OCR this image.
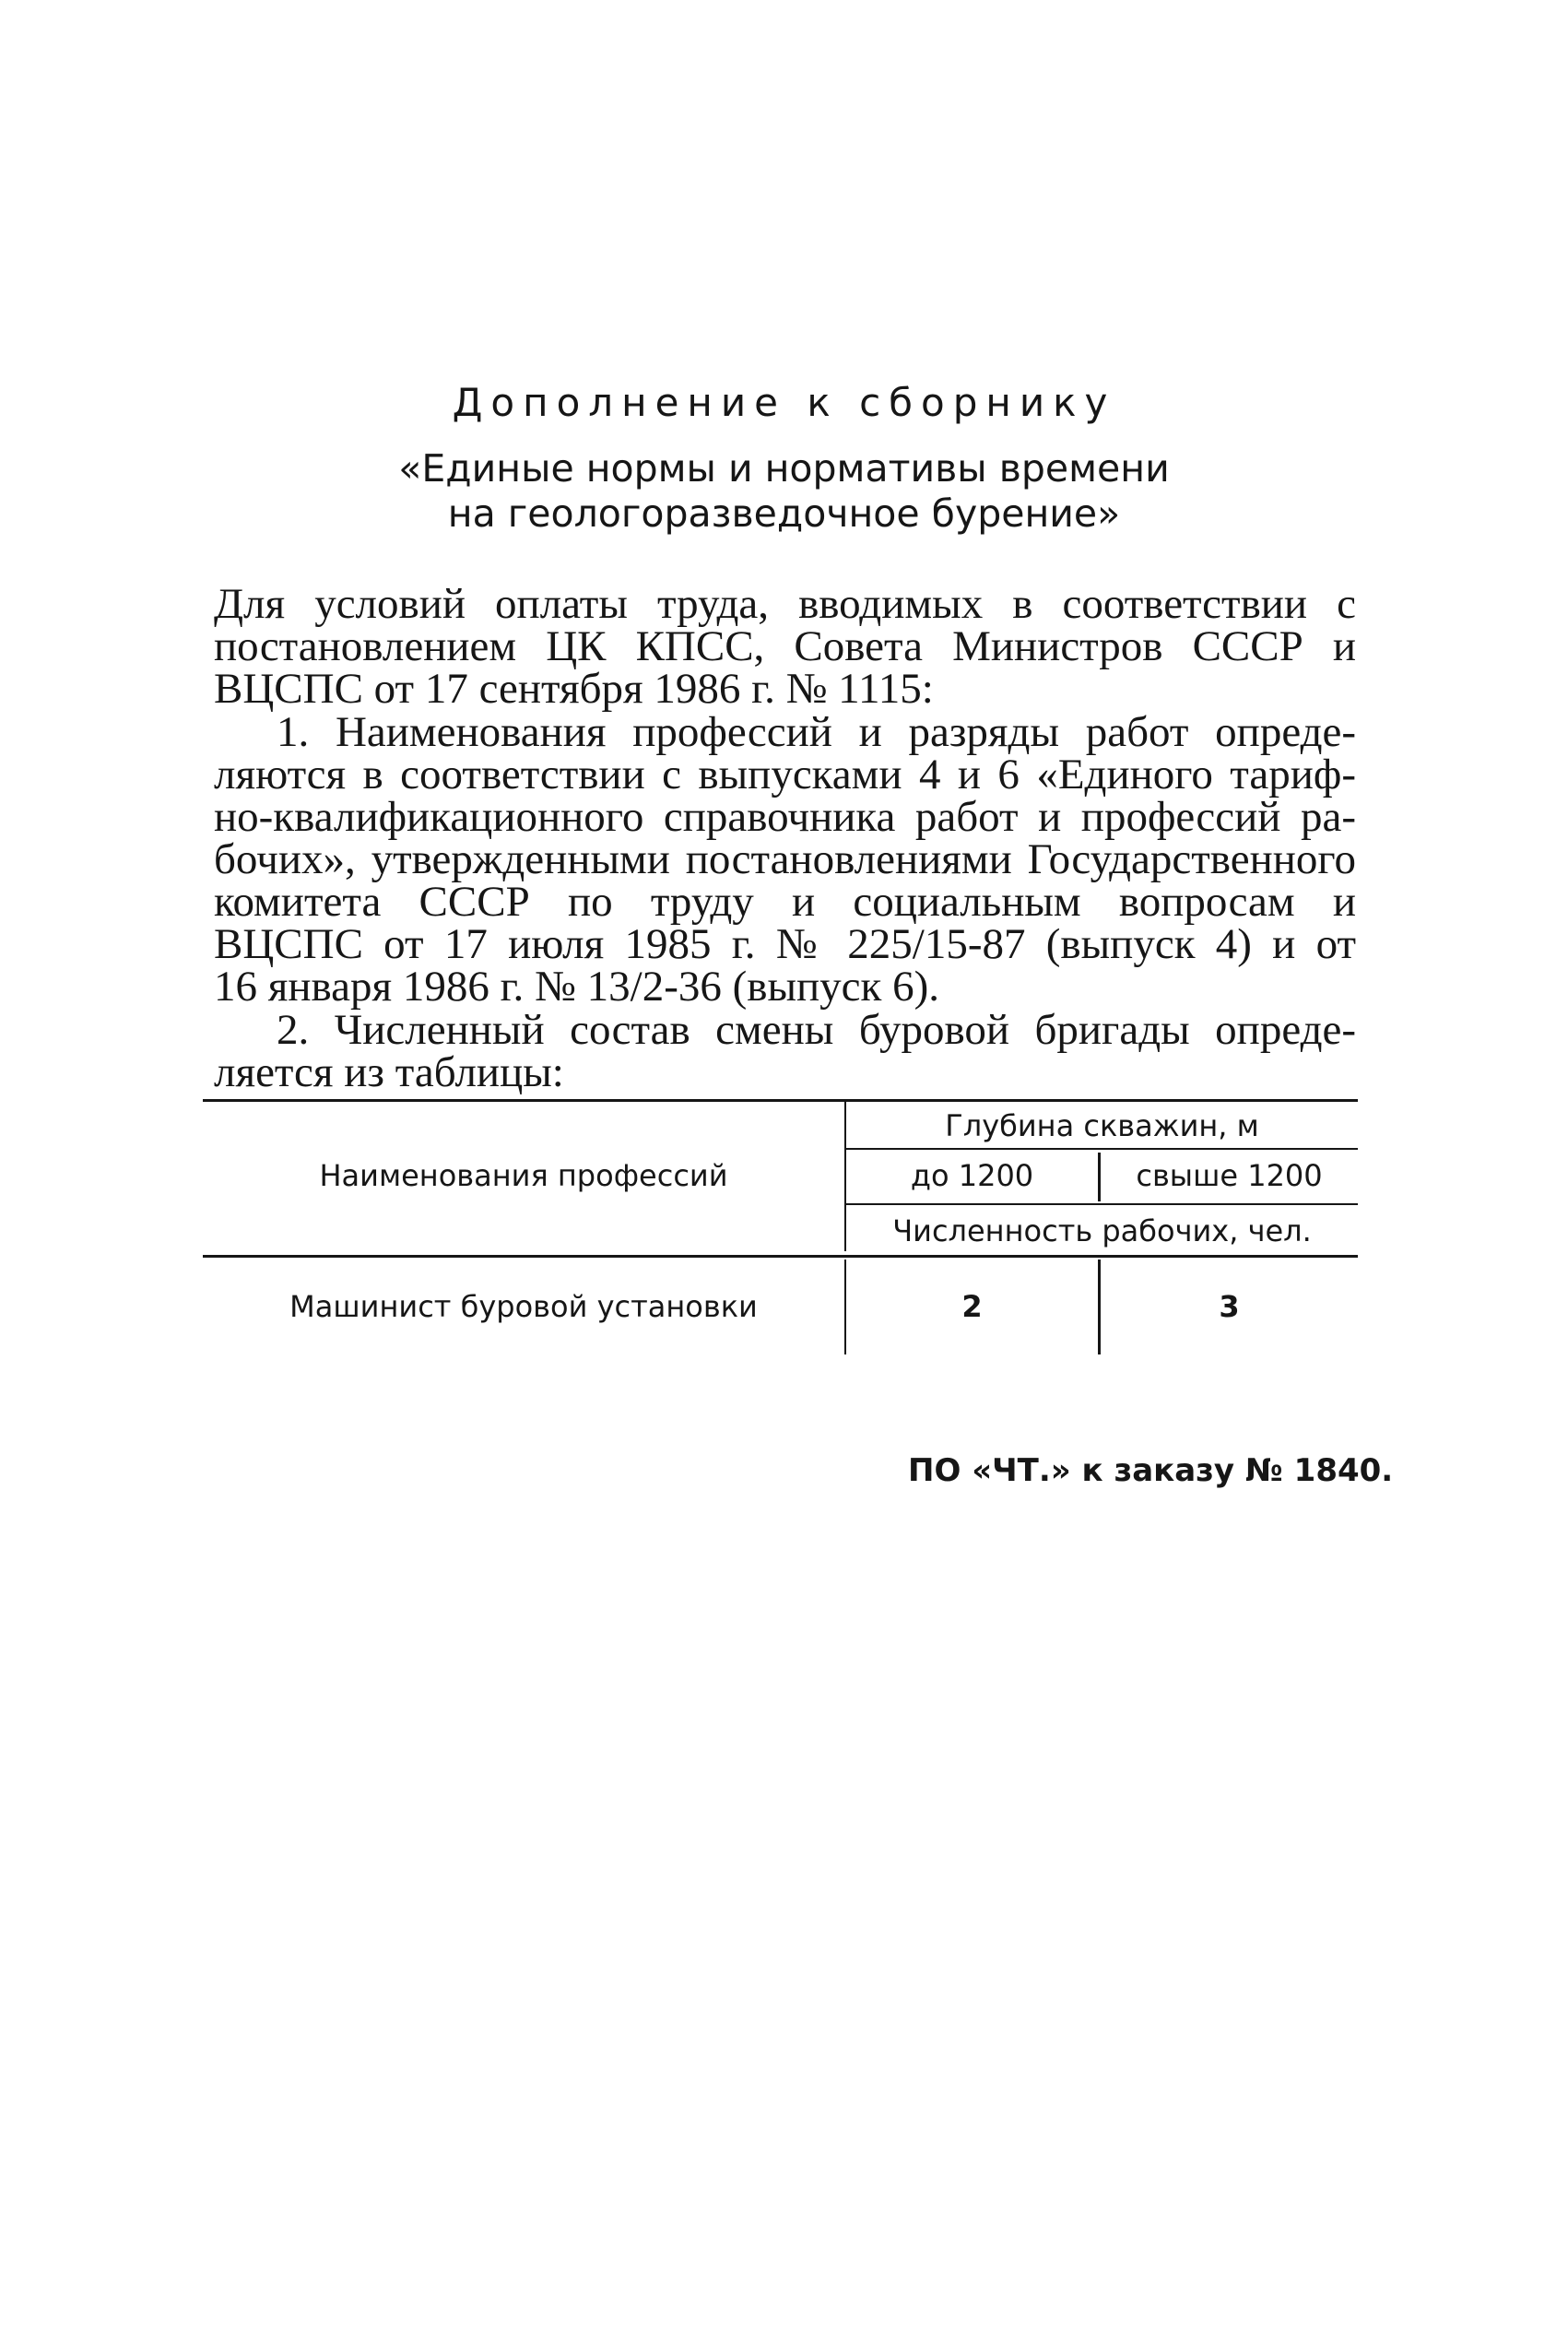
Дополнение к сборнику
«Единые нормы и нормативы времени
на геологоразведочное бурение»
Для условий оплаты труда, вводимых в соответствии с
постановлением ЦК КПСС, Совета Министров СССР и
ВЦСПС от 17 сентября 1986 г. № 1115:
1. Наименования профессий и разряды работ опреде-
ляются в соответствии с выпусками 4 и 6 «Единого тариф-
но-квалификационного справочника работ и профессий ра-
бочих», утвержденными постановлениями Государственного
комитета СССР по труду и социальным вопросам и
ВЦСПС от 17 июля 1985 г. № 225/15-87 (выпуск 4) и от
16 января 1986 г. № 13/2-36 (выпуск 6).
2. Численный состав смены буровой бригады опреде-
ляется из таблицы:
Наименования профессий
Глубина скважин, м
до 1200	свыше 1200
Численность рабочих, чел.
Машинист буровой установки	2	3
ПО «ЧТ.» к заказу № 1840.
